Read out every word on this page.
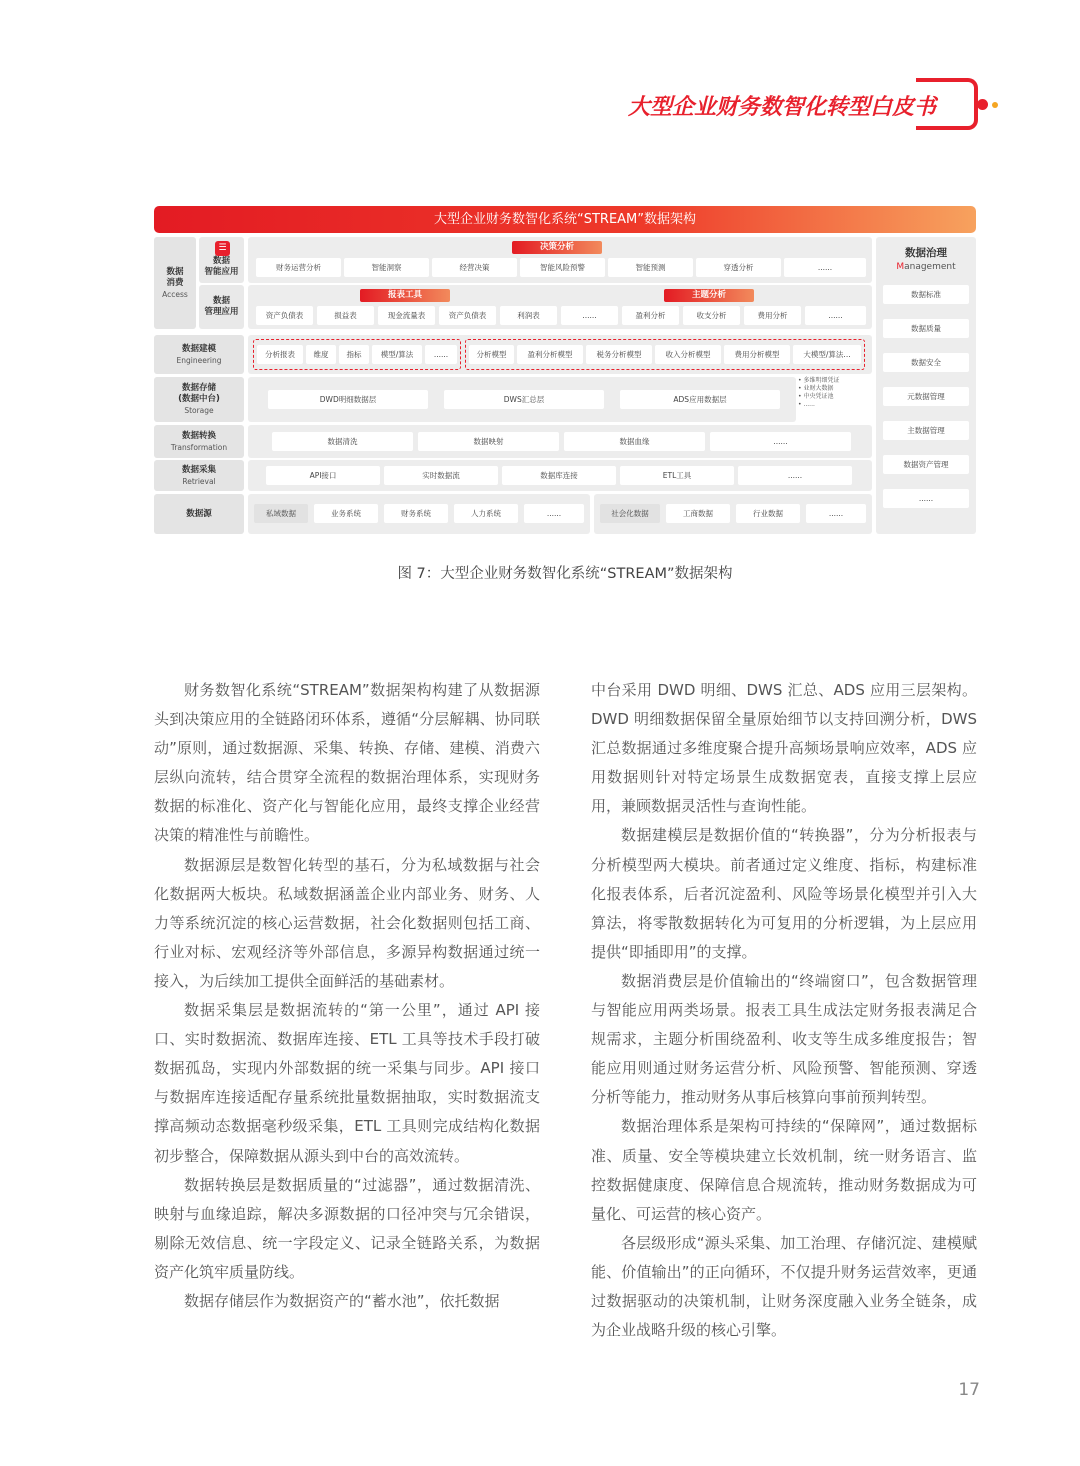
大型企业财务数智化转型白皮书
大型企业财务数智化系统“STREAM”数据架构
数据
消费
Access
数据
智能应用
☰
数据
管理应用
决策分析
财务运营分析	智能洞察	经营决策	智能风险预警	智能预测	穿透分析	......
报表工具	主题分析
资产负债表	损益表	现金流量表	资产负债表	利润表	......	盈利分析	收支分析	费用分析	......
数据建模
Engineering
分析报表	维度	指标	模型/算法	......	分析模型	盈利分析模型	税务分析模型	收入分析模型	费用分析模型	大模型/算法...
数据存储
(数据中台)
Storage
DWD明细数据层	DWS汇总层	ADS应用数据层
• 多维明细凭证
• 业财大数据
• 中央凭证池
• ......
数据转换
Transformation
数据清洗	数据映射	数据血缘	......
数据采集
Retrieval
API接口	实时数据流	数据库连接	ETL工具	......
数据源	私域数据	业务系统	财务系统	人力系统	......	社会化数据	工商数据	行业数据	......
数据治理
Management
数据标准
数据质量
数据安全
元数据管理
主数据管理
数据资产管理
......
图 7：大型企业财务数智化系统“STREAM”数据架构

财务数智化系统“STREAM”数据架构构建了从数据源头到决策应用的全链路闭环体系，遵循“分层解耦、协同联动”原则，通过数据源、采集、转换、存储、建模、消费六层纵向流转，结合贯穿全流程的数据治理体系，实现财务数据的标准化、资产化与智能化应用，最终支撑企业经营决策的精准性与前瞻性。

数据源层是数智化转型的基石，分为私域数据与社会化数据两大板块。私域数据涵盖企业内部业务、财务、人力等系统沉淀的核心运营数据，社会化数据则包括工商、行业对标、宏观经济等外部信息，多源异构数据通过统一接入，为后续加工提供全面鲜活的基础素材。

数据采集层是数据流转的“第一公里”，通过 API 接口、实时数据流、数据库连接、ETL 工具等技术手段打破数据孤岛，实现内外部数据的统一采集与同步。API 接口与数据库连接适配存量系统批量数据抽取，实时数据流支撑高频动态数据毫秒级采集，ETL 工具则完成结构化数据初步整合，保障数据从源头到中台的高效流转。

数据转换层是数据质量的“过滤器”，通过数据清洗、映射与血缘追踪，解决多源数据的口径冲突与冗余错误，剔除无效信息、统一字段定义、记录全链路关系，为数据资产化筑牢质量防线。

数据存储层作为数据资产的“蓄水池”，依托数据

中台采用 DWD 明细、DWS 汇总、ADS 应用三层架构。DWD 明细数据保留全量原始细节以支持回溯分析，DWS 汇总数据通过多维度聚合提升高频场景响应效率，ADS 应用数据则针对特定场景生成数据宽表，直接支撑上层应用，兼顾数据灵活性与查询性能。

数据建模层是数据价值的“转换器”，分为分析报表与分析模型两大模块。前者通过定义维度、指标，构建标准化报表体系，后者沉淀盈利、风险等场景化模型并引入大算法，将零散数据转化为可复用的分析逻辑，为上层应用提供“即插即用”的支撑。

数据消费层是价值输出的“终端窗口”，包含数据管理与智能应用两类场景。报表工具生成法定财务报表满足合规需求，主题分析围绕盈利、收支等生成多维度报告；智能应用则通过财务运营分析、风险预警、智能预测、穿透分析等能力，推动财务从事后核算向事前预判转型。

数据治理体系是架构可持续的“保障网”，通过数据标准、质量、安全等模块建立长效机制，统一财务语言、监控数据健康度、保障信息合规流转，推动财务数据成为可量化、可运营的核心资产。

各层级形成“源头采集、加工治理、存储沉淀、建模赋能、价值输出”的正向循环，不仅提升财务运营效率，更通过数据驱动的决策机制，让财务深度融入业务全链条，成为企业战略升级的核心引擎。

17
